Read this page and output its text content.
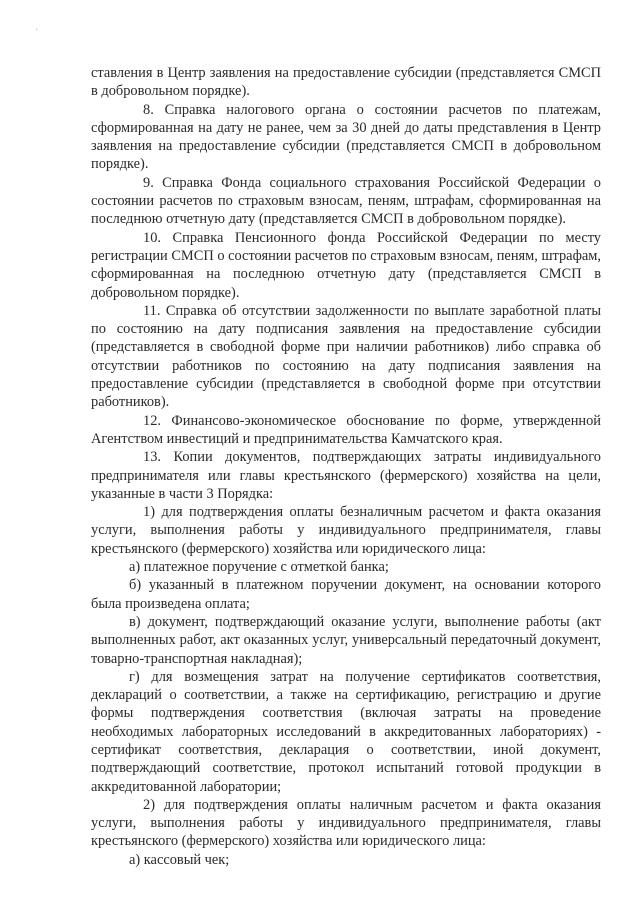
'

ставления в Центр заявления на предоставление субсидии (представляется СМСП в добровольном порядке).

8. Справка налогового органа о состоянии расчетов по платежам, сформированная на дату не ранее, чем за 30 дней до даты представления в Центр заявления на предоставление субсидии (представляется СМСП в добровольном порядке).

9. Справка Фонда социального страхования Российской Федерации о состоянии расчетов по страховым взносам, пеням, штрафам, сформированная на последнюю отчетную дату (представляется СМСП в добровольном порядке).

10. Справка Пенсионного фонда Российской Федерации по месту регистрации СМСП о состоянии расчетов по страховым взносам, пеням, штрафам, сформированная на последнюю отчетную дату (представляется СМСП в добровольном порядке).

11. Справка об отсутствии задолженности по выплате заработной платы по состоянию на дату подписания заявления на предоставление субсидии (представляется в свободной форме при наличии работников) либо справка об отсутствии работников по состоянию на дату подписания заявления на предоставление субсидии (представляется в свободной форме при отсутствии работников).

12. Финансово-экономическое обоснование по форме, утвержденной Агентством инвестиций и предпринимательства Камчатского края.

13. Копии документов, подтверждающих затраты индивидуального предпринимателя или главы крестьянского (фермерского) хозяйства на цели, указанные в части 3 Порядка:

1) для подтверждения оплаты безналичным расчетом и факта оказания услуги, выполнения работы у индивидуального предпринимателя, главы крестьянского (фермерского) хозяйства или юридического лица:

а) платежное поручение с отметкой банка;

б) указанный в платежном поручении документ, на основании которого была произведена оплата;

в) документ, подтверждающий оказание услуги, выполнение работы (акт выполненных работ, акт оказанных услуг, универсальный передаточный документ, товарно-транспортная накладная);

г) для возмещения затрат на получение сертификатов соответствия, деклараций о соответствии, а также на сертификацию, регистрацию и другие формы подтверждения соответствия (включая затраты на проведение необходимых лабораторных исследований в аккредитованных лабораториях) - сертификат соответствия, декларация о соответствии, иной документ, подтверждающий соответствие, протокол испытаний готовой продукции в аккредитованной лаборатории;

2) для подтверждения оплаты наличным расчетом и факта оказания услуги, выполнения работы у индивидуального предпринимателя, главы крестьянского (фермерского) хозяйства или юридического лица:

а) кассовый чек;
